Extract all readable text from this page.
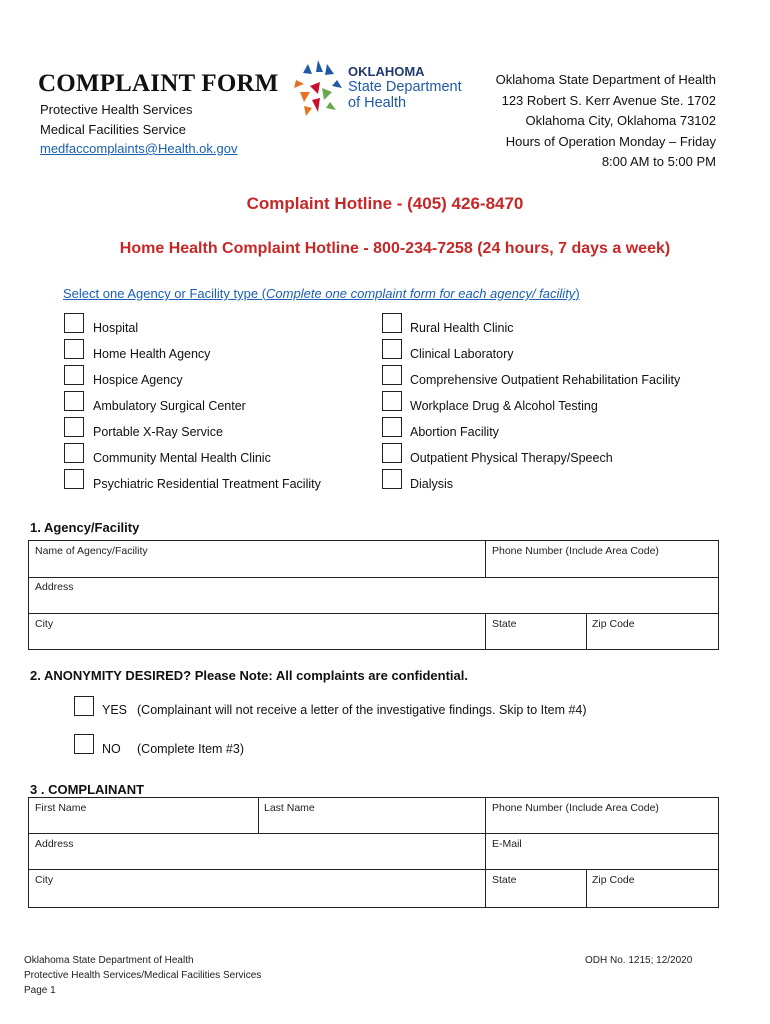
COMPLAINT FORM
Protective Health Services
Medical Facilities Service
medfaccomplaints@Health.ok.gov
OKLAHOMA
State Department
of Health
Oklahoma State Department of Health
123 Robert S. Kerr Avenue Ste. 1702
Oklahoma City, Oklahoma 73102
Hours of Operation Monday – Friday
8:00 AM to 5:00 PM
Complaint Hotline - (405) 426-8470
Home Health Complaint Hotline - 800-234-7258 (24 hours, 7 days a week)
Select one Agency or Facility type (Complete one complaint form for each agency/ facility)
Hospital
Home Health Agency
Hospice Agency
Ambulatory Surgical Center
Portable X-Ray Service
Community Mental Health Clinic
Psychiatric Residential Treatment Facility
Rural Health Clinic
Clinical Laboratory
Comprehensive Outpatient Rehabilitation Facility
Workplace Drug & Alcohol Testing
Abortion Facility
Outpatient Physical Therapy/Speech
Dialysis
1. Agency/Facility
Name of Agency/Facility	Phone Number (Include Area Code)
Address
City	State	Zip Code
2. ANONYMITY DESIRED? Please Note: All complaints are confidential.
YES (Complainant will not receive a letter of the investigative findings. Skip to Item #4)
NO (Complete Item #3)
3 . COMPLAINANT
First Name	Last Name	Phone Number (Include Area Code)
Address	E-Mail
City	State	Zip Code
Oklahoma State Department of Health
Protective Health Services/Medical Facilities Services
Page 1
ODH No. 1215; 12/2020
